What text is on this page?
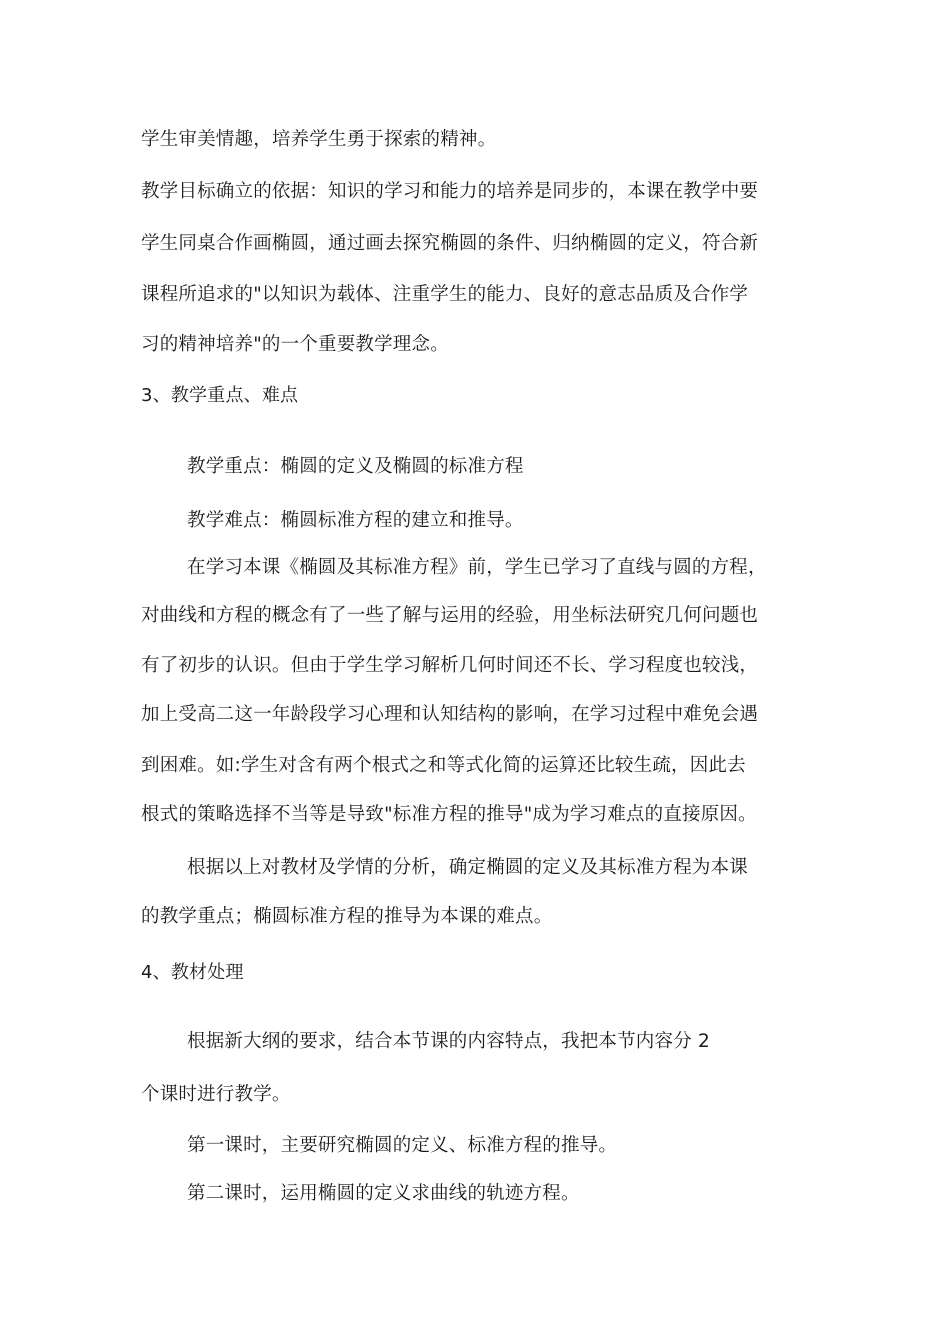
学生审美情趣，培养学生勇于探索的精神。
教学目标确立的依据：知识的学习和能力的培养是同步的，本课在教学中要
学生同桌合作画椭圆，通过画去探究椭圆的条件、归纳椭圆的定义，符合新
课程所追求的"以知识为载体、注重学生的能力、良好的意志品质及合作学
习的精神培养"的一个重要教学理念。
3、教学重点、难点
教学重点：椭圆的定义及椭圆的标准方程
教学难点：椭圆标准方程的建立和推导。
在学习本课《椭圆及其标准方程》前，学生已学习了直线与圆的方程，
对曲线和方程的概念有了一些了解与运用的经验，用坐标法研究几何问题也
有了初步的认识。但由于学生学习解析几何时间还不长、学习程度也较浅，
加上受高二这一年龄段学习心理和认知结构的影响，在学习过程中难免会遇
到困难。如:学生对含有两个根式之和等式化简的运算还比较生疏，因此去
根式的策略选择不当等是导致"标准方程的推导"成为学习难点的直接原因。
根据以上对教材及学情的分析，确定椭圆的定义及其标准方程为本课
的教学重点；椭圆标准方程的推导为本课的难点。
4、教材处理
根据新大纲的要求，结合本节课的内容特点，我把本节内容分 2
个课时进行教学。
第一课时，主要研究椭圆的定义、标准方程的推导。
第二课时，运用椭圆的定义求曲线的轨迹方程。
